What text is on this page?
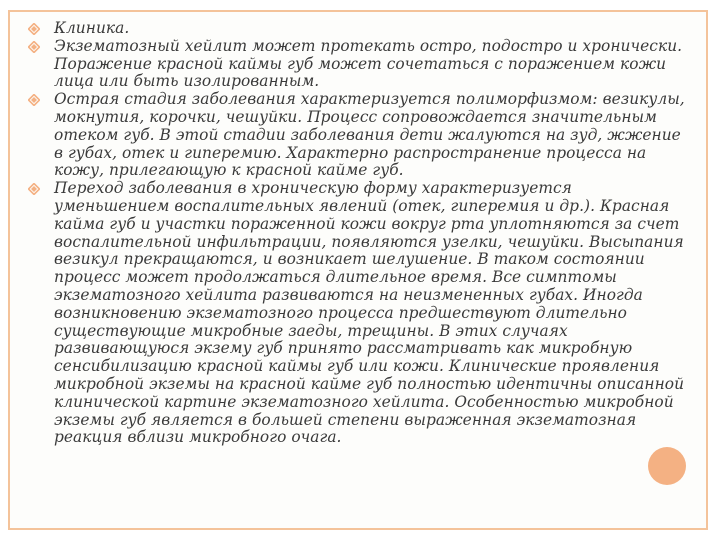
Клиника.
Экзематозный хейлит может протекать остро, подостро и хронически. Поражение красной каймы губ может сочетаться с поражением кожи лица или быть изолированным.
Острая стадия заболевания характеризуется полиморфизмом: везикулы, мокнутия, корочки, чешуйки. Процесс сопровождается значительным отеком губ. В этой стадии заболевания дети жалуются на зуд, жжение в губах, отек и гиперемию. Характерно распространение процесса на кожу, прилегающую к красной кайме губ.
Переход заболевания в хроническую форму характеризуется уменьшением воспалительных явлений (отек, гиперемия и др.). Красная кайма губ и участки пораженной кожи вокруг рта уплотняются за счет воспалительной инфильтрации, появляются узелки, чешуйки. Высыпания везикул прекращаются, и возникает шелушение. В таком состоянии процесс может продолжаться длительное время. Все симптомы экзематозного хейлита развиваются на неизмененных губах. Иногда возникновению экзематозного процесса предшествуют длительно существующие микробные заеды, трещины. В этих случаях развивающуюся экзему губ принято рассматривать как микробную сенсибилизацию красной каймы губ или кожи. Клинические проявления микробной экземы на красной кайме губ полностью идентичны описанной клинической картине экзематозного хейлита. Особенностью микробной экземы губ является в большей степени выраженная экзематозная реакция вблизи микробного очага.
